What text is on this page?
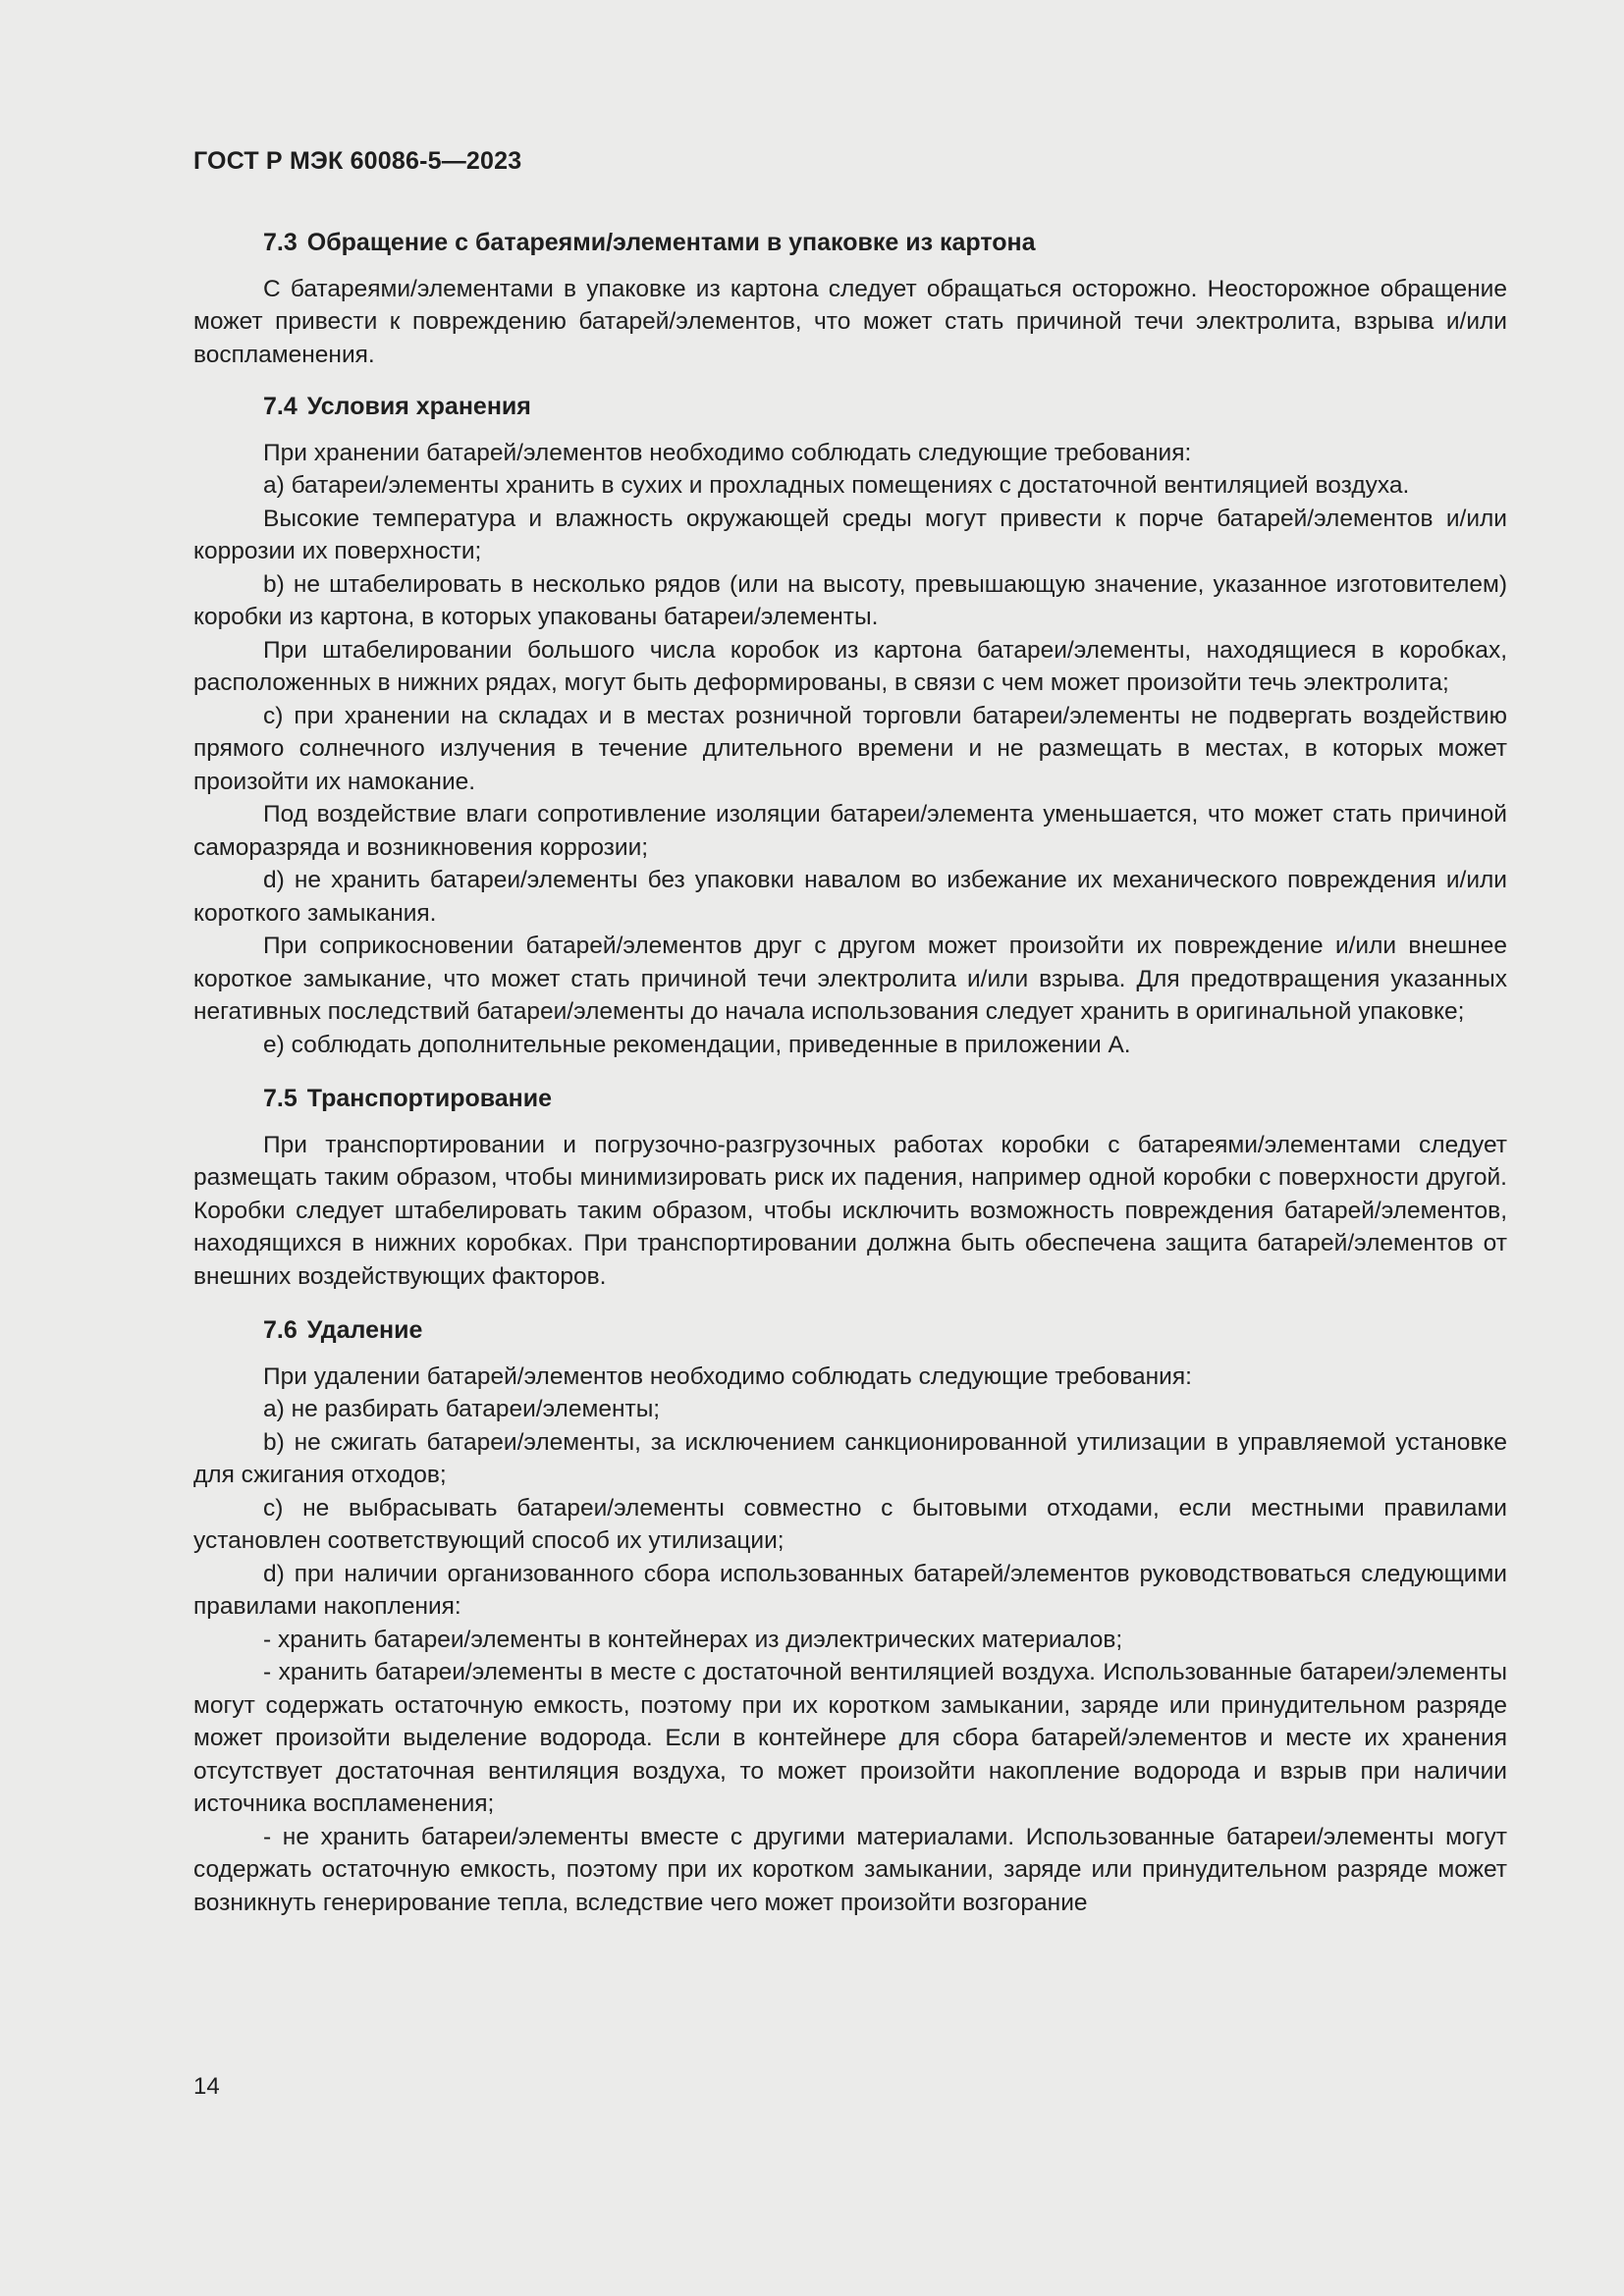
ГОСТ Р МЭК 60086-5—2023
7.3 Обращение с батареями/элементами в упаковке из картона

С батареями/элементами в упаковке из картона следует обращаться осторожно. Неосторожное обращение может привести к повреждению батарей/элементов, что может стать причиной течи электролита, взрыва и/или воспламенения.

7.4 Условия хранения

При хранении батарей/элементов необходимо соблюдать следующие требования:

а) батареи/элементы хранить в сухих и прохладных помещениях с достаточной вентиляцией воздуха.

Высокие температура и влажность окружающей среды могут привести к порче батарей/элементов и/или коррозии их поверхности;

b) не штабелировать в несколько рядов (или на высоту, превышающую значение, указанное изготовителем) коробки из картона, в которых упакованы батареи/элементы.

При штабелировании большого числа коробок из картона батареи/элементы, находящиеся в коробках, расположенных в нижних рядах, могут быть деформированы, в связи с чем может произойти течь электролита;

с) при хранении на складах и в местах розничной торговли батареи/элементы не подвергать воздействию прямого солнечного излучения в течение длительного времени и не размещать в местах, в которых может произойти их намокание.

Под воздействие влаги сопротивление изоляции батареи/элемента уменьшается, что может стать причиной саморазряда и возникновения коррозии;

d) не хранить батареи/элементы без упаковки навалом во избежание их механического повреждения и/или короткого замыкания.

При соприкосновении батарей/элементов друг с другом может произойти их повреждение и/или внешнее короткое замыкание, что может стать причиной течи электролита и/или взрыва. Для предотвращения указанных негативных последствий батареи/элементы до начала использования следует хранить в оригинальной упаковке;

е) соблюдать дополнительные рекомендации, приведенные в приложении А.

7.5 Транспортирование

При транспортировании и погрузочно-разгрузочных работах коробки с батареями/элементами следует размещать таким образом, чтобы минимизировать риск их падения, например одной коробки с поверхности другой. Коробки следует штабелировать таким образом, чтобы исключить возможность повреждения батарей/элементов, находящихся в нижних коробках. При транспортировании должна быть обеспечена защита батарей/элементов от внешних воздействующих факторов.

7.6 Удаление

При удалении батарей/элементов необходимо соблюдать следующие требования:

а) не разбирать батареи/элементы;

b) не сжигать батареи/элементы, за исключением санкционированной утилизации в управляемой установке для сжигания отходов;

с) не выбрасывать батареи/элементы совместно с бытовыми отходами, если местными правилами установлен соответствующий способ их утилизации;

d) при наличии организованного сбора использованных батарей/элементов руководствоваться следующими правилами накопления:

- хранить батареи/элементы в контейнерах из диэлектрических материалов;

- хранить батареи/элементы в месте с достаточной вентиляцией воздуха. Использованные батареи/элементы могут содержать остаточную емкость, поэтому при их коротком замыкании, заряде или принудительном разряде может произойти выделение водорода. Если в контейнере для сбора батарей/элементов и месте их хранения отсутствует достаточная вентиляция воздуха, то может произойти накопление водорода и взрыв при наличии источника воспламенения;

- не хранить батареи/элементы вместе с другими материалами. Использованные батареи/элементы могут содержать остаточную емкость, поэтому при их коротком замыкании, заряде или принудительном разряде может возникнуть генерирование тепла, вследствие чего может произойти возгорание

14
